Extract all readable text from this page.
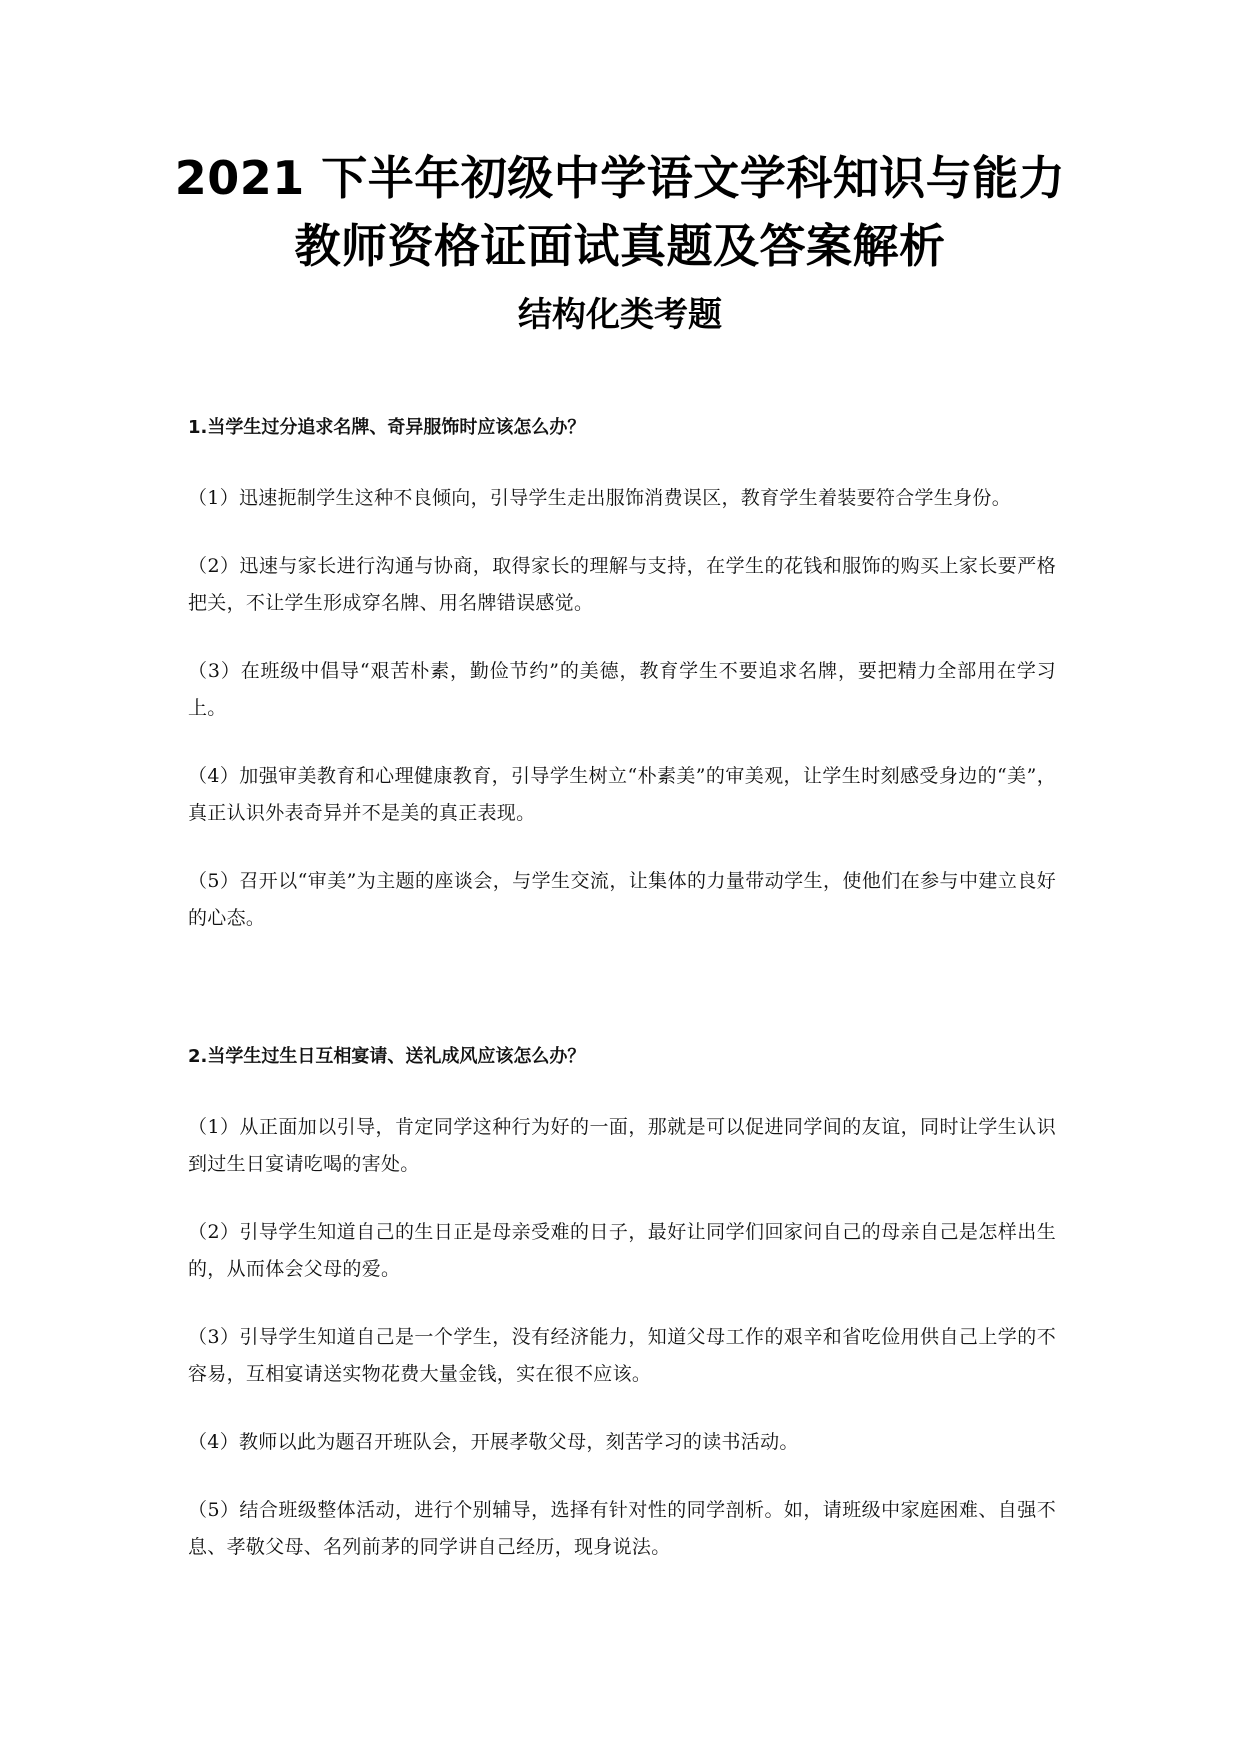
2021 下半年初级中学语文学科知识与能力
教师资格证面试真题及答案解析
结构化类考题

1.当学生过分追求名牌、奇异服饰时应该怎么办？

（1）迅速扼制学生这种不良倾向，引导学生走出服饰消费误区，教育学生着装要符合学生身份。

（2）迅速与家长进行沟通与协商，取得家长的理解与支持，在学生的花钱和服饰的购买上家长要严格把关，不让学生形成穿名牌、用名牌错误感觉。

（3）在班级中倡导“艰苦朴素，勤俭节约”的美德，教育学生不要追求名牌，要把精力全部用在学习上。

（4）加强审美教育和心理健康教育，引导学生树立“朴素美”的审美观，让学生时刻感受身边的“美”，真正认识外表奇异并不是美的真正表现。

（5）召开以“审美”为主题的座谈会，与学生交流，让集体的力量带动学生，使他们在参与中建立良好的心态。

2.当学生过生日互相宴请、送礼成风应该怎么办？

（1）从正面加以引导，肯定同学这种行为好的一面，那就是可以促进同学间的友谊，同时让学生认识到过生日宴请吃喝的害处。

（2）引导学生知道自己的生日正是母亲受难的日子，最好让同学们回家问自己的母亲自己是怎样出生的，从而体会父母的爱。

（3）引导学生知道自己是一个学生，没有经济能力，知道父母工作的艰辛和省吃俭用供自己上学的不容易，互相宴请送实物花费大量金钱，实在很不应该。

（4）教师以此为题召开班队会，开展孝敬父母，刻苦学习的读书活动。

（5）结合班级整体活动，进行个别辅导，选择有针对性的同学剖析。如，请班级中家庭困难、自强不息、孝敬父母、名列前茅的同学讲自己经历，现身说法。
